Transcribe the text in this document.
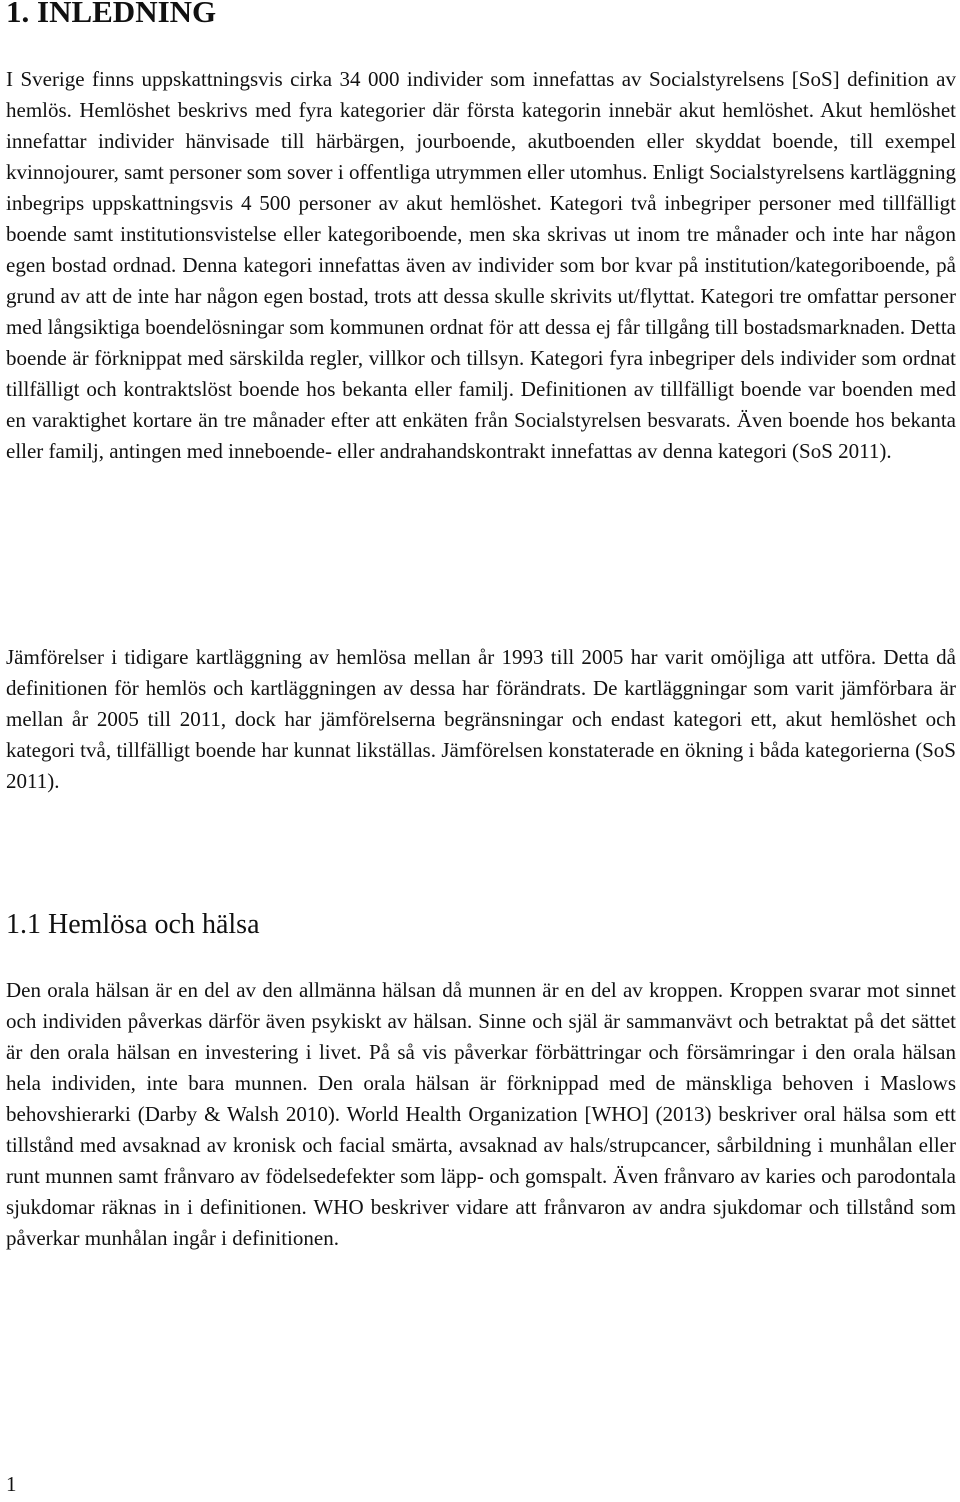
1. INLEDNING

I Sverige finns uppskattningsvis cirka 34 000 individer som innefattas av Socialstyrelsens [SoS] definition av hemlös. Hemlöshet beskrivs med fyra kategorier där första kategorin innebär akut hemlöshet. Akut hemlöshet innefattar individer hänvisade till härbärgen, jourboende, akutboenden eller skyddat boende, till exempel kvinnojourer, samt personer som sover i offentliga utrymmen eller utomhus. Enligt Socialstyrelsens kartläggning inbegrips uppskattningsvis 4 500 personer av akut hemlöshet. Kategori två inbegriper personer med tillfälligt boende samt institutionsvistelse eller kategoriboende, men ska skrivas ut inom tre månader och inte har någon egen bostad ordnad. Denna kategori innefattas även av individer som bor kvar på institution/kategoriboende, på grund av att de inte har någon egen bostad, trots att dessa skulle skrivits ut/flyttat. Kategori tre omfattar personer med långsiktiga boendelösningar som kommunen ordnat för att dessa ej får tillgång till bostadsmarknaden. Detta boende är förknippat med särskilda regler, villkor och tillsyn. Kategori fyra inbegriper dels individer som ordnat tillfälligt och kontraktslöst boende hos bekanta eller familj. Definitionen av tillfälligt boende var boenden med en varaktighet kortare än tre månader efter att enkäten från Socialstyrelsen besvarats. Även boende hos bekanta eller familj, antingen med inneboende- eller andrahandskontrakt innefattas av denna kategori (SoS 2011).

Jämförelser i tidigare kartläggning av hemlösa mellan år 1993 till 2005 har varit omöjliga att utföra. Detta då definitionen för hemlös och kartläggningen av dessa har förändrats. De kartläggningar som varit jämförbara är mellan år 2005 till 2011, dock har jämförelserna begränsningar och endast kategori ett, akut hemlöshet och kategori två, tillfälligt boende har kunnat likställas. Jämförelsen konstaterade en ökning i båda kategorierna (SoS 2011).

1.1 Hemlösa och hälsa

Den orala hälsan är en del av den allmänna hälsan då munnen är en del av kroppen. Kroppen svarar mot sinnet och individen påverkas därför även psykiskt av hälsan. Sinne och själ är sammanvävt och betraktat på det sättet är den orala hälsan en investering i livet. På så vis påverkar förbättringar och försämringar i den orala hälsan hela individen, inte bara munnen. Den orala hälsan är förknippad med de mänskliga behoven i Maslows behovshierarki (Darby & Walsh 2010). World Health Organization [WHO] (2013) beskriver oral hälsa som ett tillstånd med avsaknad av kronisk och facial smärta, avsaknad av hals/strupcancer, sårbildning i munhålan eller runt munnen samt frånvaro av födelsedefekter som läpp- och gomspalt. Även frånvaro av karies och parodontala sjukdomar räknas in i definitionen. WHO beskriver vidare att frånvaron av andra sjukdomar och tillstånd som påverkar munhålan ingår i definitionen.

1
